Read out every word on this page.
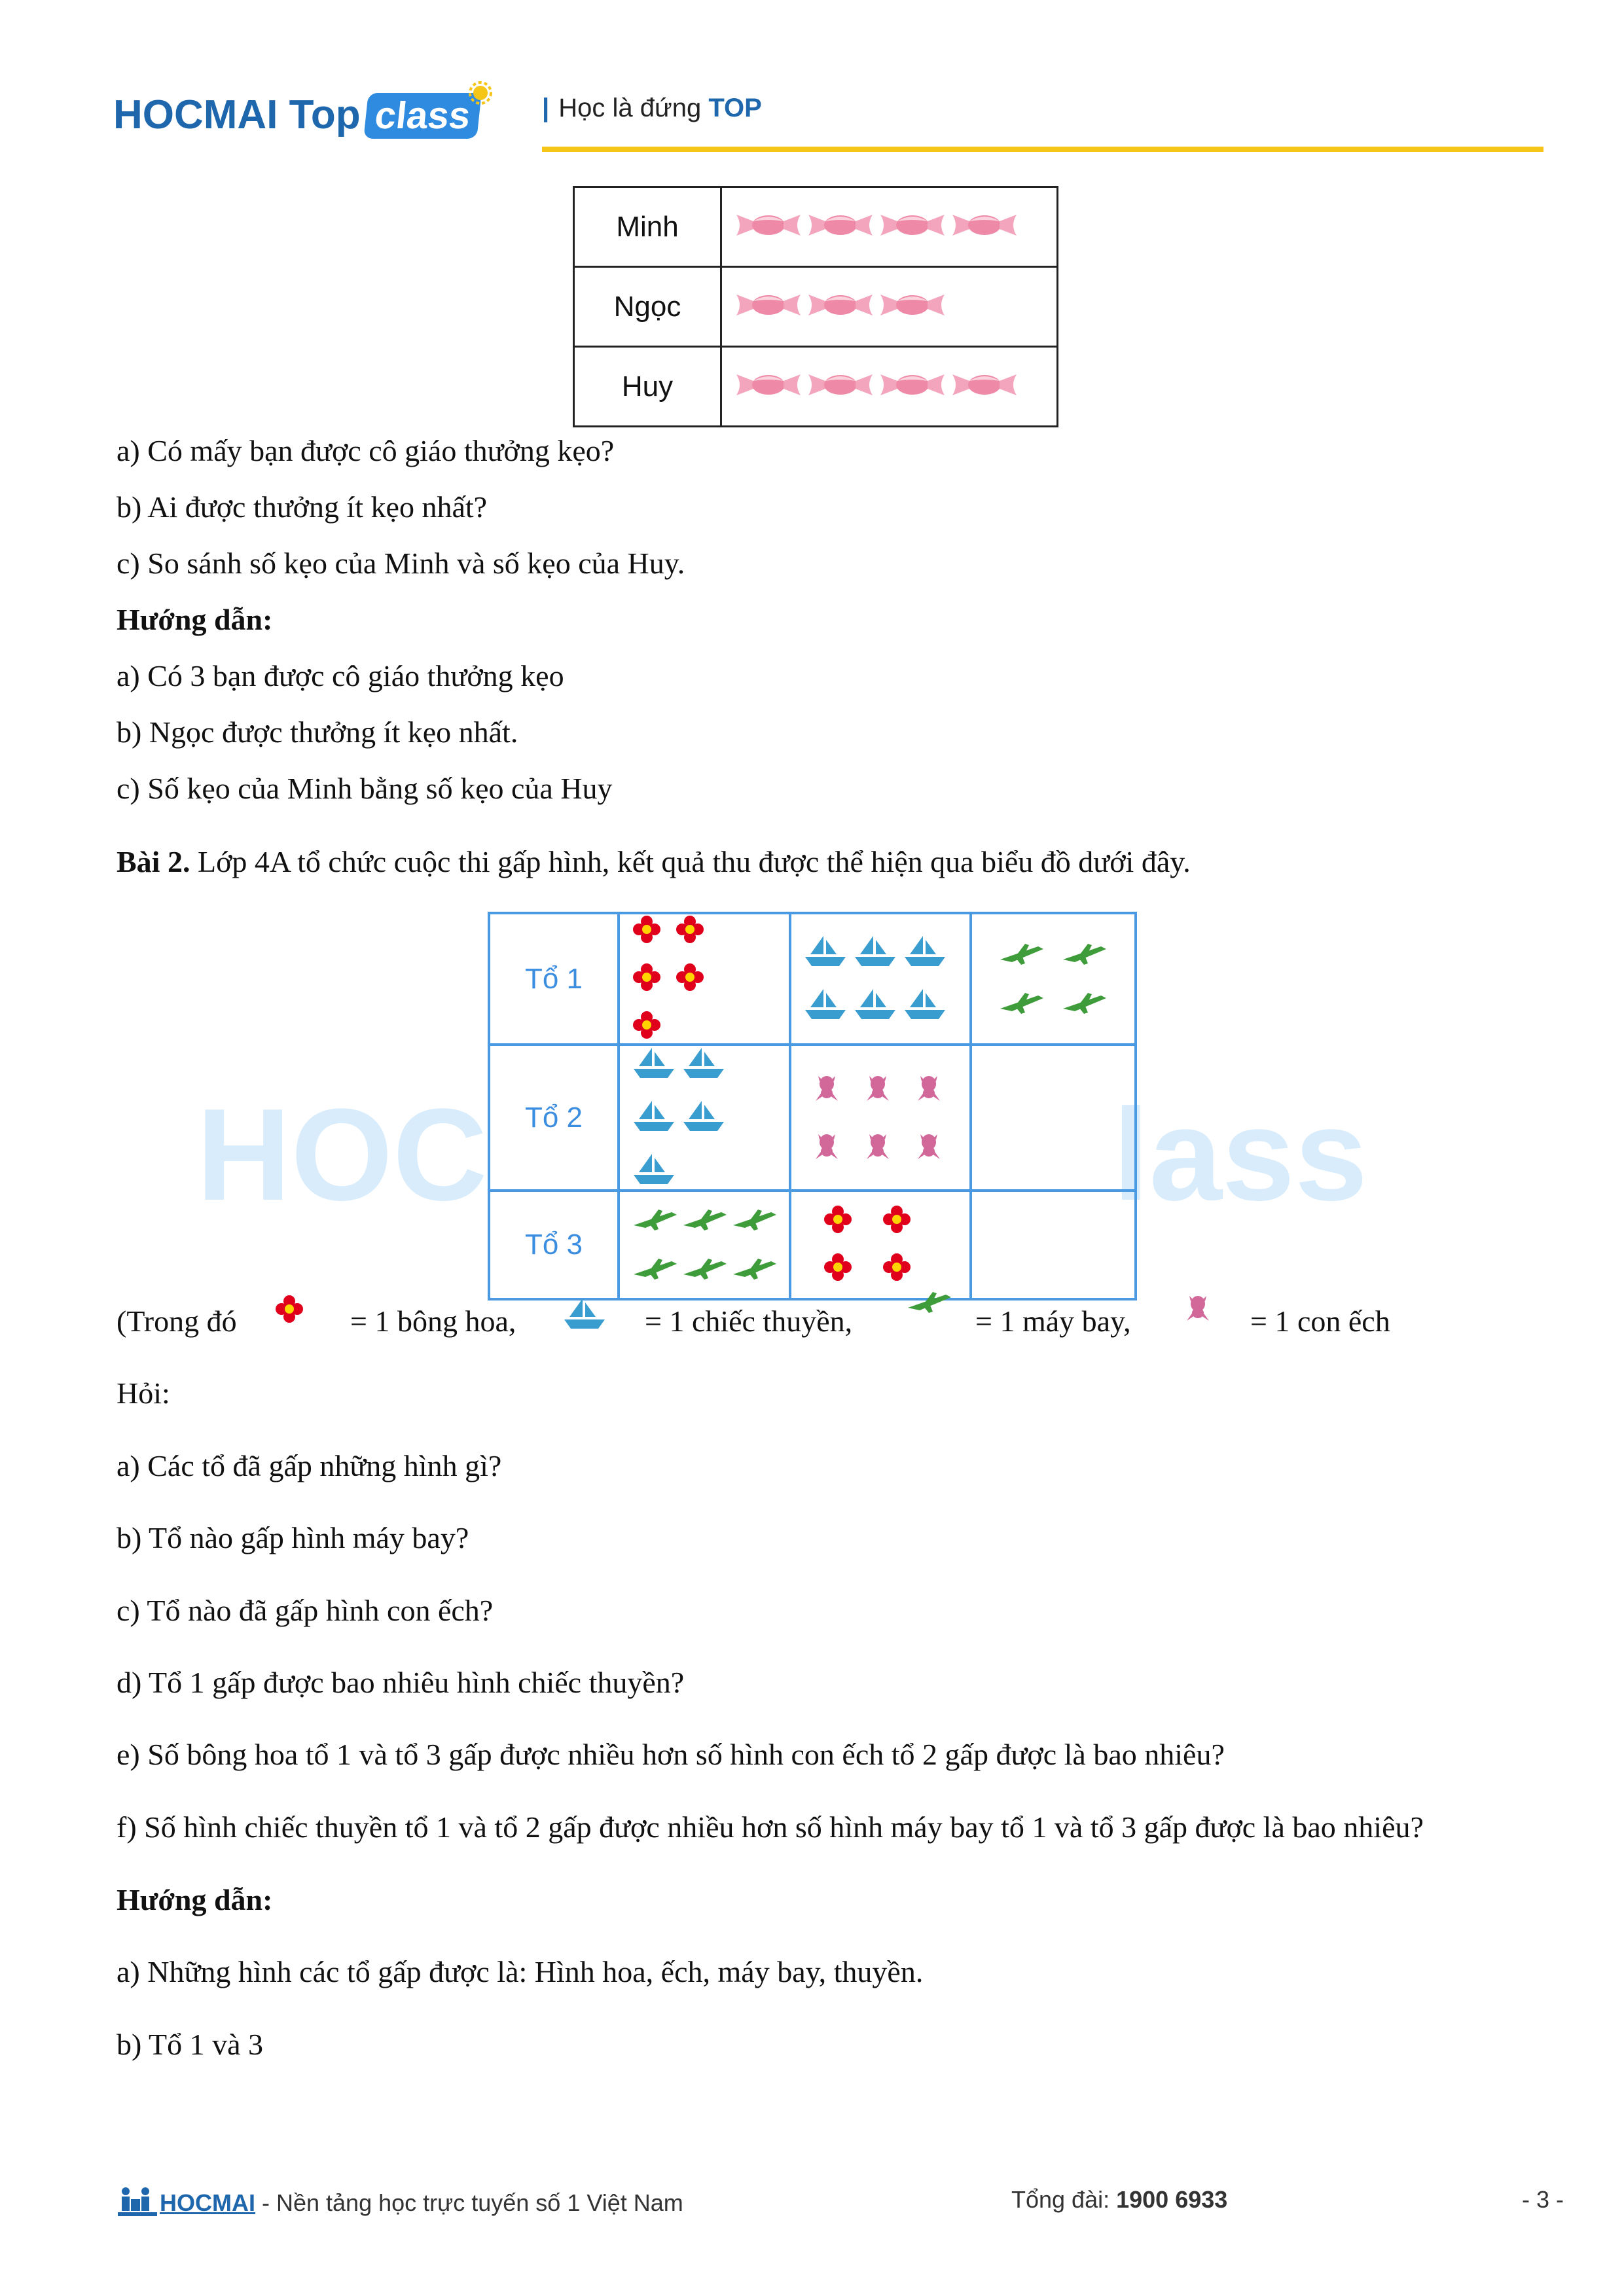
HOCMAI Top class	| Học là đứng TOP
Minh	
Ngọc	
Huy	
a) Có mấy bạn được cô giáo thưởng kẹo?
b) Ai được thưởng ít kẹo nhất?
c) So sánh số kẹo của Minh và số kẹo của Huy.
Hướng dẫn:
a) Có 3 bạn được cô giáo thưởng kẹo
b) Ngọc được thưởng ít kẹo nhất.
c) Số kẹo của Minh bằng số kẹo của Huy
Bài 2. Lớp 4A tổ chức cuộc thi gấp hình, kết quả thu được thể hiện qua biểu đồ dưới đây.
HOC	lass
Tổ 1	

Tổ 2	

Tổ 3	

(Trong đó	= 1 bông hoa,	= 1 chiếc thuyền,	= 1 máy bay,	= 1 con ếch
Hỏi:
a) Các tổ đã gấp những hình gì?
b) Tổ nào gấp hình máy bay?
c) Tổ nào đã gấp hình con ếch?
d) Tổ 1 gấp được bao nhiêu hình chiếc thuyền?
e) Số bông hoa tổ 1 và tổ 3 gấp được nhiều hơn số hình con ếch tổ 2 gấp được là bao nhiêu?
f) Số hình chiếc thuyền tổ 1 và tổ 2 gấp được nhiều hơn số hình máy bay tổ 1 và tổ 3 gấp được là bao nhiêu?
Hướng dẫn:
a) Những hình các tổ gấp được là: Hình hoa, ếch, máy bay, thuyền.
b) Tổ 1 và 3
HOCMAI - Nền tảng học trực tuyến số 1 Việt Nam	Tổng đài: 1900 6933	- 3 -
